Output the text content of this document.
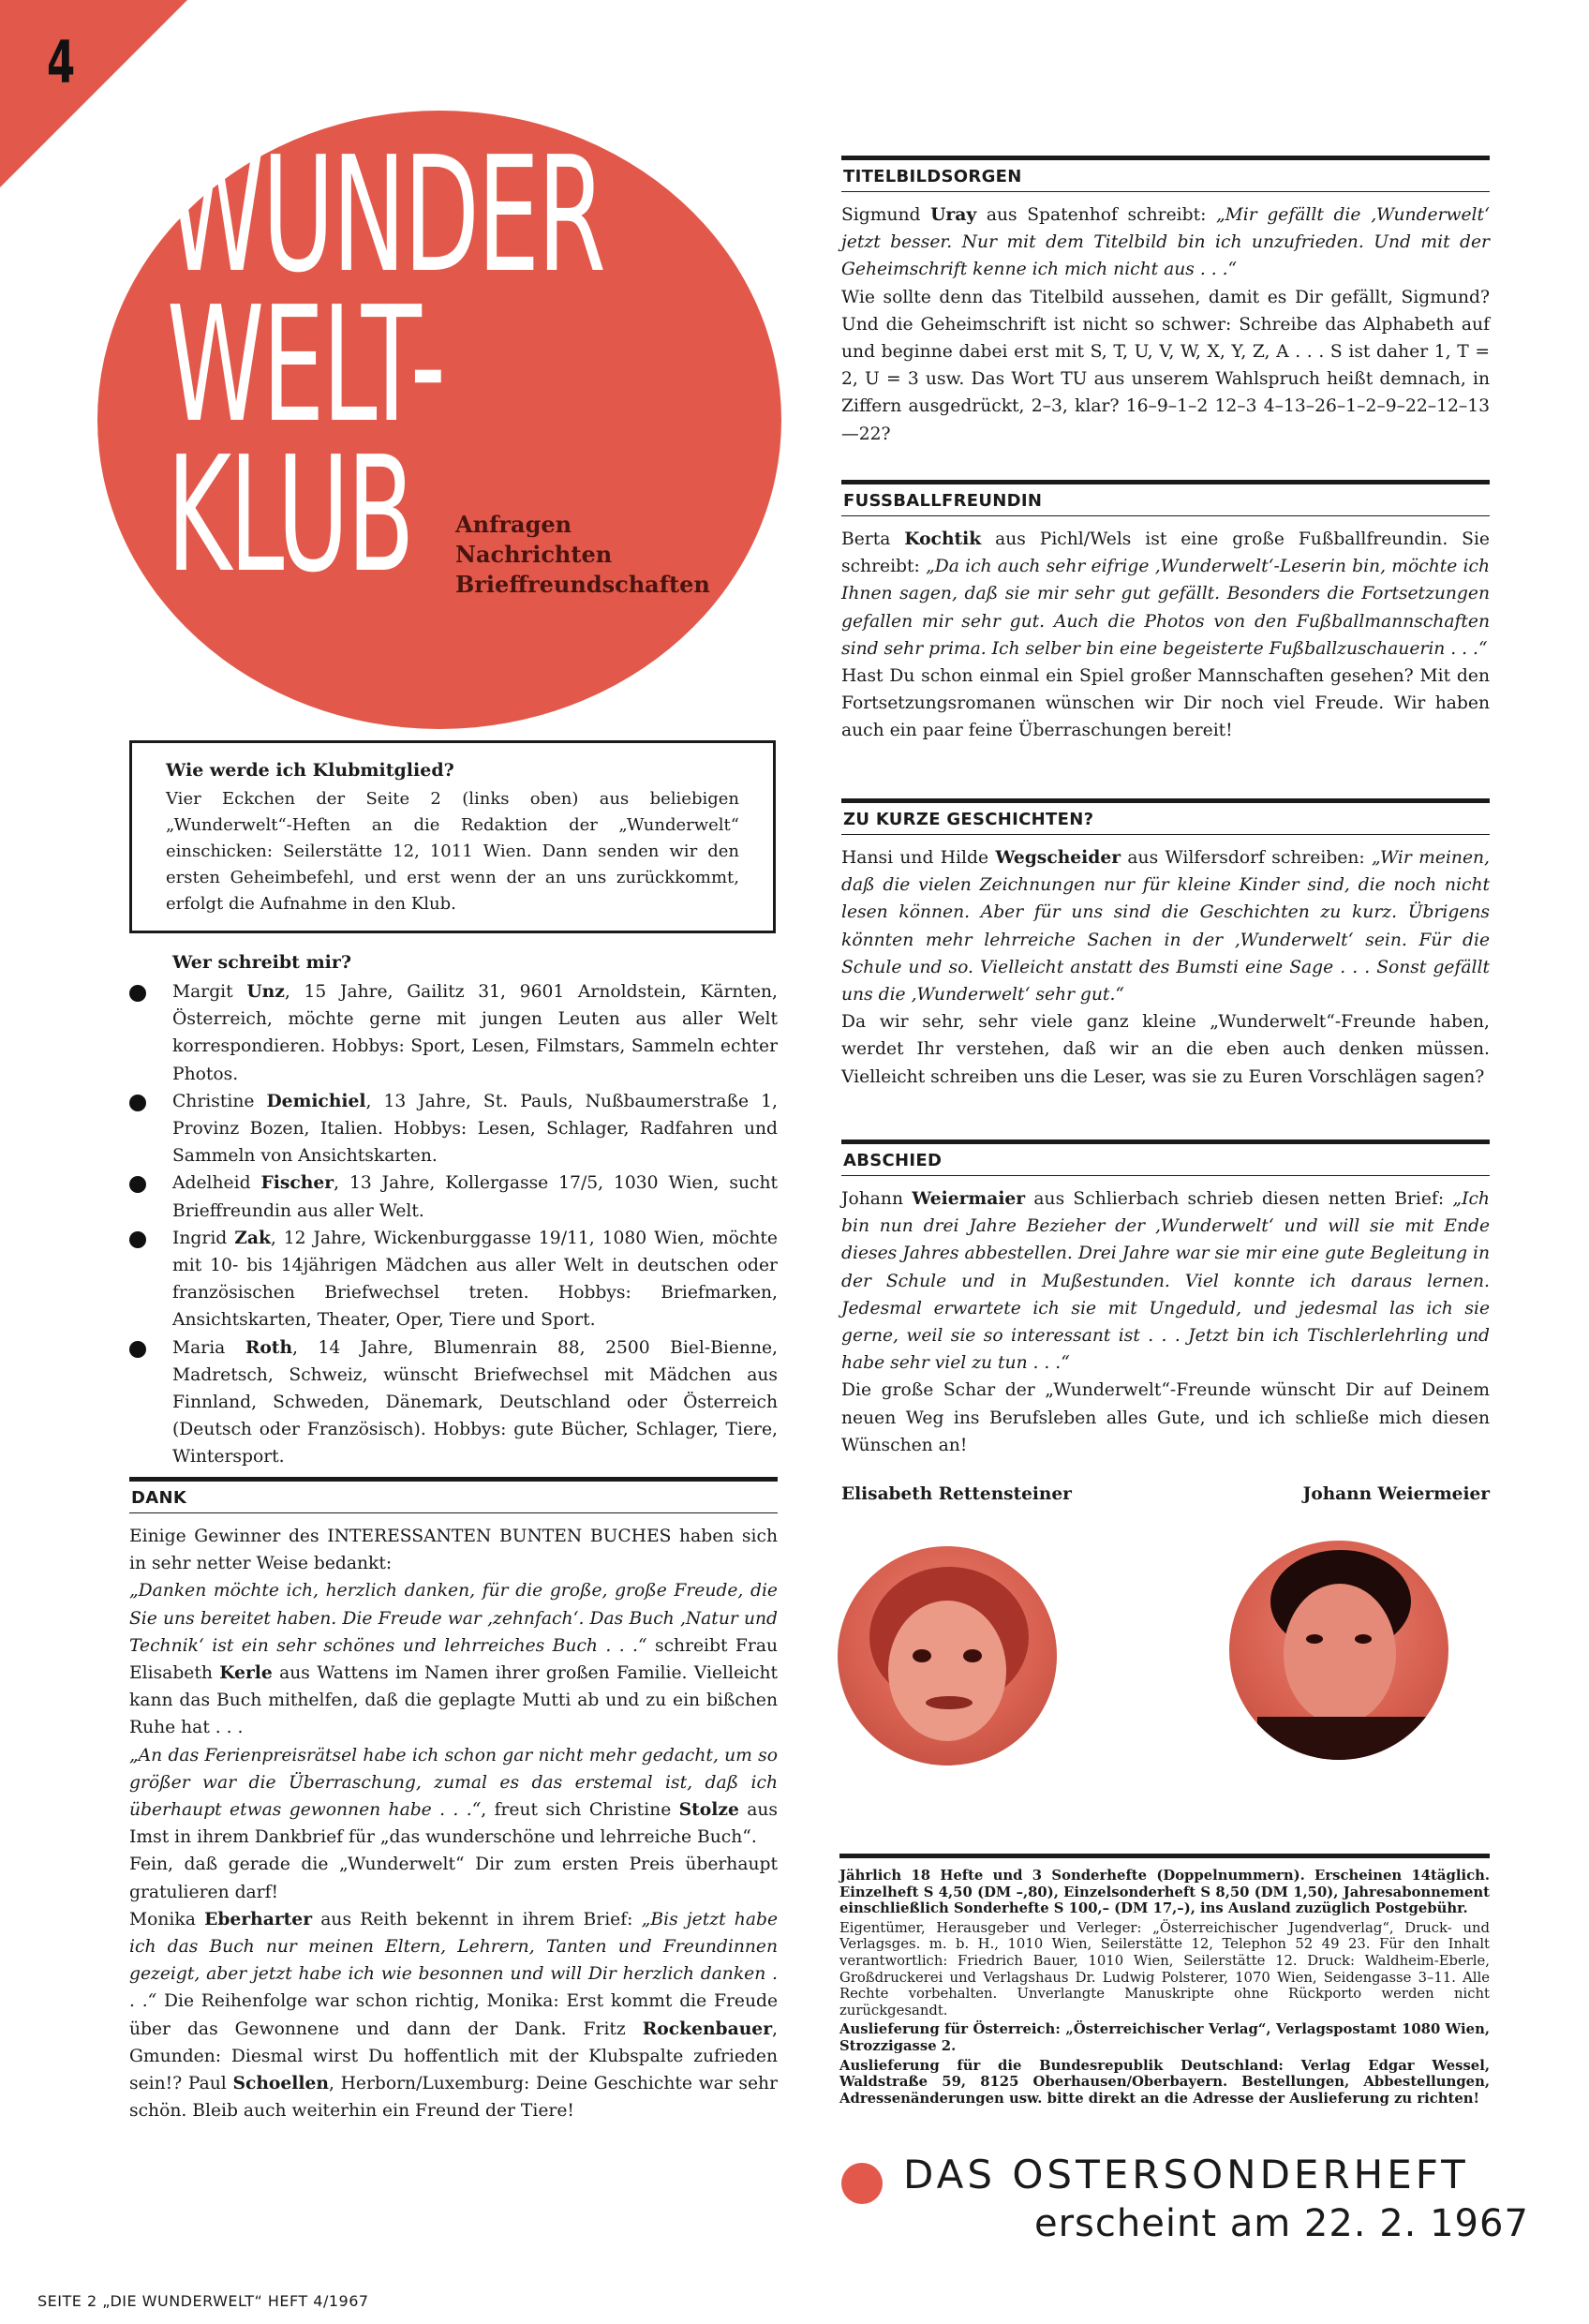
4
WUNDER
WELT-
KLUB	Anfragen
Nachrichten
Brieffreundschaften
Wie werde ich Klubmitglied?

Vier Eckchen der Seite 2 (links oben) aus beliebigen „Wunderwelt“-Heften an die Redaktion der „Wunderwelt“ einschicken: Seilerstätte 12, 1011 Wien. Dann senden wir den ersten Geheimbefehl, und erst wenn der an uns zurückkommt, erfolgt die Aufnahme in den Klub.

Wer schreibt mir?

Margit Unz, 15 Jahre, Gailitz 31, 9601 Arnoldstein, Kärnten, Österreich, möchte gerne mit jungen Leuten aus aller Welt korrespondieren. Hobbys: Sport, Lesen, Filmstars, Sammeln echter Photos.

Christine Demichiel, 13 Jahre, St. Pauls, Nußbaumerstraße 1, Provinz Bozen, Italien. Hobbys: Lesen, Schlager, Radfahren und Sammeln von Ansichtskarten.

Adelheid Fischer, 13 Jahre, Kollergasse 17/5, 1030 Wien, sucht Brieffreundin aus aller Welt.

Ingrid Zak, 12 Jahre, Wickenburggasse 19/11, 1080 Wien, möchte mit 10- bis 14jährigen Mädchen aus aller Welt in deutschen oder französischen Briefwechsel treten. Hobbys: Briefmarken, Ansichtskarten, Theater, Oper, Tiere und Sport.

Maria Roth, 14 Jahre, Blumenrain 88, 2500 Biel-Bienne, Madretsch, Schweiz, wünscht Briefwechsel mit Mädchen aus Finnland, Schweden, Dänemark, Deutschland oder Österreich (Deutsch oder Französisch). Hobbys: gute Bücher, Schlager, Tiere, Wintersport.

DANK

Einige Gewinner des INTERESSANTEN BUNTEN BUCHES haben sich in sehr netter Weise bedankt:
„Danken möchte ich, herzlich danken, für die große, große Freude, die Sie uns bereitet haben. Die Freude war ‚zehnfach‘. Das Buch ‚Natur und Technik‘ ist ein sehr schönes und lehrreiches Buch . . .“ schreibt Frau Elisabeth Kerle aus Wattens im Namen ihrer großen Familie. Vielleicht kann das Buch mithelfen, daß die geplagte Mutti ab und zu ein bißchen Ruhe hat . . .
„An das Ferienpreisrätsel habe ich schon gar nicht mehr gedacht, um so größer war die Überraschung, zumal es das erstemal ist, daß ich überhaupt etwas gewonnen habe . . .“, freut sich Christine Stolze aus Imst in ihrem Dankbrief für „das wunderschöne und lehrreiche Buch“.
Fein, daß gerade die „Wunderwelt“ Dir zum ersten Preis überhaupt gratulieren darf!
Monika Eberharter aus Reith bekennt in ihrem Brief: „Bis jetzt habe ich das Buch nur meinen Eltern, Lehrern, Tanten und Freundinnen gezeigt, aber jetzt habe ich wie besonnen und will Dir herzlich danken . . .“ Die Reihenfolge war schon richtig, Monika: Erst kommt die Freude über das Gewonnene und dann der Dank. Fritz Rockenbauer, Gmunden: Diesmal wirst Du hoffentlich mit der Klubspalte zufrieden sein!? Paul Schoellen, Herborn/Luxemburg: Deine Geschichte war sehr schön. Bleib auch weiterhin ein Freund der Tiere!

TITELBILDSORGEN

Sigmund Uray aus Spatenhof schreibt: „Mir gefällt die ‚Wunderwelt‘ jetzt besser. Nur mit dem Titelbild bin ich unzufrieden. Und mit der Geheimschrift kenne ich mich nicht aus . . .“
Wie sollte denn das Titelbild aussehen, damit es Dir gefällt, Sigmund? Und die Geheimschrift ist nicht so schwer: Schreibe das Alphabeth auf und beginne dabei erst mit S, T, U, V, W, X, Y, Z, A . . . S ist daher 1, T = 2, U = 3 usw. Das Wort TU aus unserem Wahlspruch heißt demnach, in Ziffern ausgedrückt, 2–3, klar? 16–9–1–2 12–3 4–13–26–1–2–9–22–12–13—22?

FUSSBALLFREUNDIN

Berta Kochtik aus Pichl/Wels ist eine große Fußballfreundin. Sie schreibt: „Da ich auch sehr eifrige ‚Wunderwelt‘-Leserin bin, möchte ich Ihnen sagen, daß sie mir sehr gut gefällt. Besonders die Fortsetzungen gefallen mir sehr gut. Auch die Photos von den Fußballmannschaften sind sehr prima. Ich selber bin eine begeisterte Fußballzuschauerin . . .“
Hast Du schon einmal ein Spiel großer Mannschaften gesehen? Mit den Fortsetzungsromanen wünschen wir Dir noch viel Freude. Wir haben auch ein paar feine Überraschungen bereit!

ZU KURZE GESCHICHTEN?

Hansi und Hilde Wegscheider aus Wilfersdorf schreiben: „Wir meinen, daß die vielen Zeichnungen nur für kleine Kinder sind, die noch nicht lesen können. Aber für uns sind die Geschichten zu kurz. Übrigens könnten mehr lehrreiche Sachen in der ‚Wunderwelt‘ sein. Für die Schule und so. Vielleicht anstatt des Bumsti eine Sage . . . Sonst gefällt uns die ‚Wunderwelt‘ sehr gut.“
Da wir sehr, sehr viele ganz kleine „Wunderwelt“-Freunde haben, werdet Ihr verstehen, daß wir an die eben auch denken müssen. Vielleicht schreiben uns die Leser, was sie zu Euren Vorschlägen sagen?

ABSCHIED

Johann Weiermaier aus Schlierbach schrieb diesen netten Brief: „Ich bin nun drei Jahre Bezieher der ‚Wunderwelt‘ und will sie mit Ende dieses Jahres abbestellen. Drei Jahre war sie mir eine gute Begleitung in der Schule und in Mußestunden. Viel konnte ich daraus lernen. Jedesmal erwartete ich sie mit Ungeduld, und jedesmal las ich sie gerne, weil sie so interessant ist . . . Jetzt bin ich Tischlerlehrling und habe sehr viel zu tun . . .“
Die große Schar der „Wunderwelt“-Freunde wünscht Dir auf Deinem neuen Weg ins Berufsleben alles Gute, und ich schließe mich diesen Wünschen an!

Elisabeth Rettensteiner	Johann Weiermeier

Jährlich 18 Hefte und 3 Sonderhefte (Doppelnummern). Erscheinen 14täglich. Einzelheft S 4,50 (DM –,80), Einzelsonderheft S 8,50 (DM 1,50), Jahresabonnement einschließlich Sonderhefte S 100,– (DM 17,–), ins Ausland zuzüglich Postgebühr.

Eigentümer, Herausgeber und Verleger: „Österreichischer Jugendverlag“, Druck- und Verlagsges. m. b. H., 1010 Wien, Seilerstätte 12, Telephon 52 49 23. Für den Inhalt verantwortlich: Friedrich Bauer, 1010 Wien, Seilerstätte 12. Druck: Waldheim-Eberle, Großdruckerei und Verlagshaus Dr. Ludwig Polsterer, 1070 Wien, Seidengasse 3–11. Alle Rechte vorbehalten. Unverlangte Manuskripte ohne Rückporto werden nicht zurückgesandt.

Auslieferung für Österreich: „Österreichischer Verlag“, Verlagspostamt 1080 Wien, Strozzigasse 2.

Auslieferung für die Bundesrepublik Deutschland: Verlag Edgar Wessel, Waldstraße 59, 8125 Oberhausen/Oberbayern. Bestellungen, Abbestellungen, Adressenänderungen usw. bitte direkt an die Adresse der Auslieferung zu richten!

DAS OSTERSONDERHEFT
erscheint am 22. 2. 1967
SEITE 2 „DIE WUNDERWELT“ HEFT 4/1967
